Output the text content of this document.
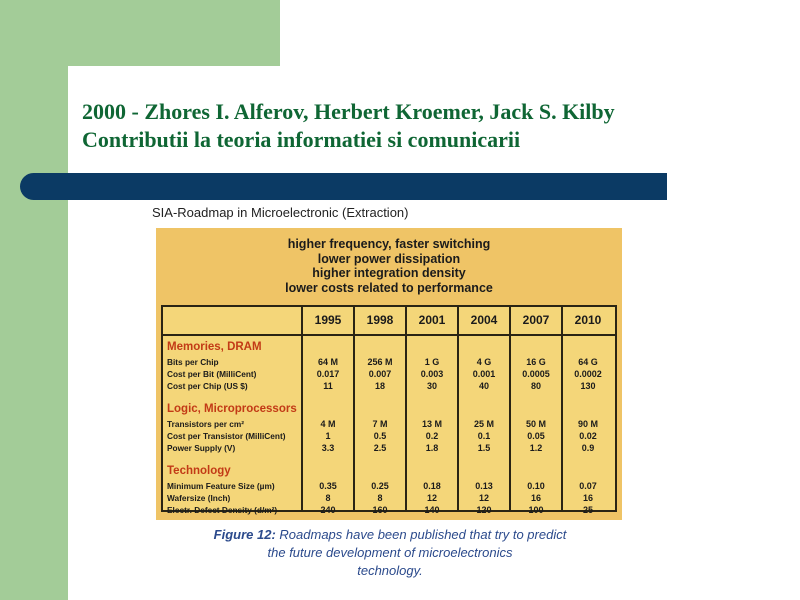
2000 - Zhores I. Alferov, Herbert Kroemer, Jack S. Kilby
Contributii la teoria informatiei si comunicarii
SIA-Roadmap in Microelectronic (Extraction)
higher frequency, faster switching
lower power dissipation
higher integration density
lower costs related to performance
1995	1998	2001	2004	2007	2010
Memories, DRAM
Bits per Chip	64 M	256 M	1 G	4 G	16 G	64 G
Cost per Bit (MilliCent)	0.017	0.007	0.003	0.001	0.0005	0.0002
Cost per Chip (US $)	11	18	30	40	80	130
Logic, Microprocessors
Transistors per cm²	4 M	7 M	13 M	25 M	50 M	90 M
Cost per Transistor (MilliCent)	1	0.5	0.2	0.1	0.05	0.02
Power Supply (V)	3.3	2.5	1.8	1.5	1.2	0.9
Technology
Minimum Feature Size (µm)	0.35	0.25	0.18	0.13	0.10	0.07
Wafersize (Inch)	8	8	12	12	16	16
Electr. Defect Density (d/m²)	240	160	140	120	100	25
Figure 12: Roadmaps have been published that try to predict
the future development of microelectronics
technology.
